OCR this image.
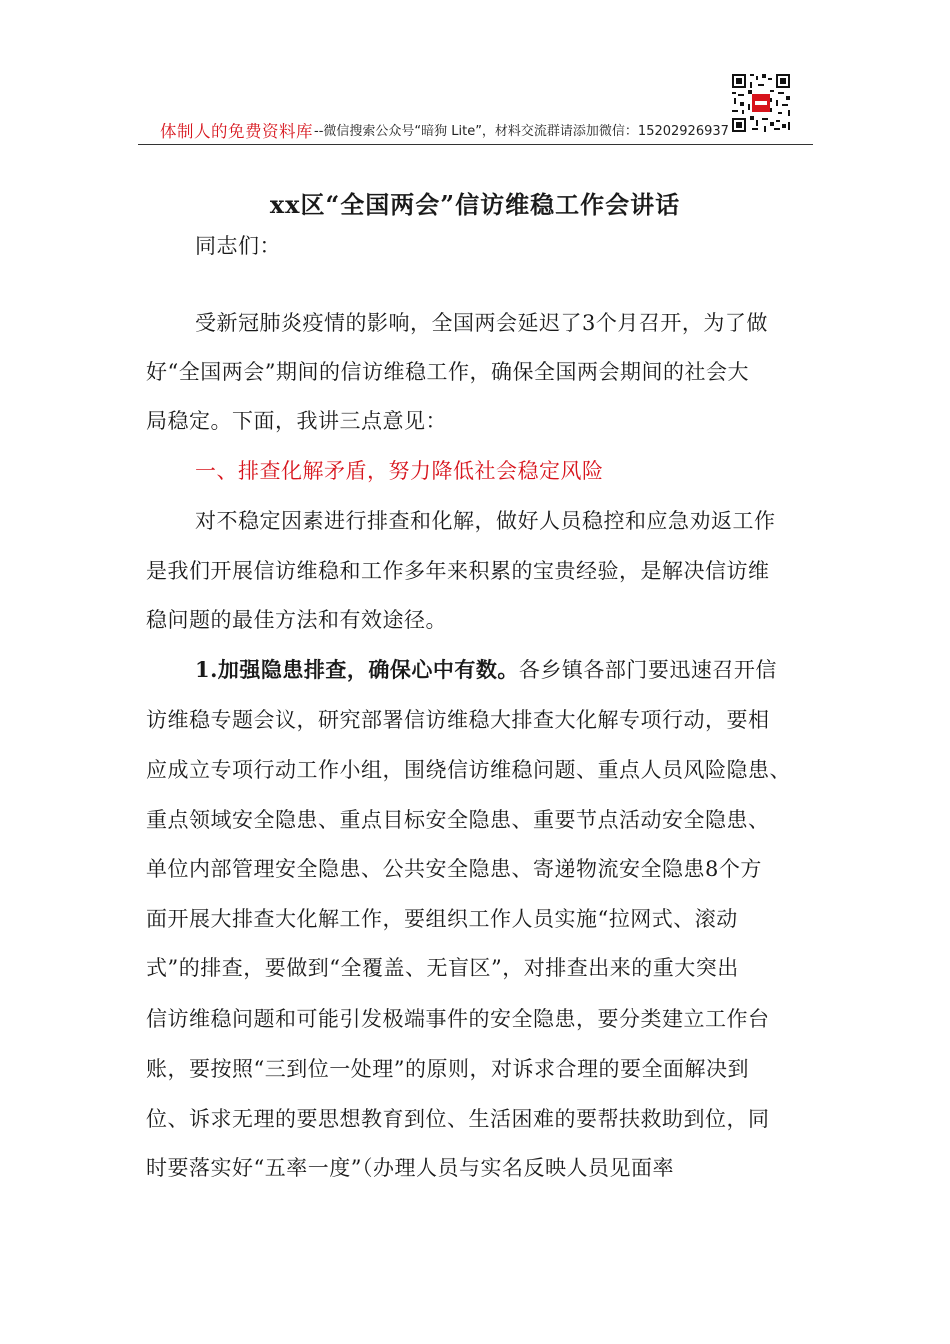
体制人的免费资料库 --微信搜索公众号“暗狗 Lite”，材料交流群请添加微信：15202926937
xx区“全国两会”信访维稳工作会讲话
同志们：
受新冠肺炎疫情的影响，全国两会延迟了3个月召开，为了做
好“全国两会”期间的信访维稳工作，确保全国两会期间的社会大
局稳定。下面，我讲三点意见：
一、排查化解矛盾，努力降低社会稳定风险
对不稳定因素进行排查和化解，做好人员稳控和应急劝返工作
是我们开展信访维稳和工作多年来积累的宝贵经验，是解决信访维
稳问题的最佳方法和有效途径。
1.加强隐患排查，确保心中有数。各乡镇各部门要迅速召开信
访维稳专题会议，研究部署信访维稳大排查大化解专项行动，要相
应成立专项行动工作小组，围绕信访维稳问题、重点人员风险隐患、
重点领域安全隐患、重点目标安全隐患、重要节点活动安全隐患、
单位内部管理安全隐患、公共安全隐患、寄递物流安全隐患8个方
面开展大排查大化解工作，要组织工作人员实施“拉网式、滚动
式”的排查，要做到“全覆盖、无盲区”，对排查出来的重大突出
信访维稳问题和可能引发极端事件的安全隐患，要分类建立工作台
账，要按照“三到位一处理”的原则，对诉求合理的要全面解决到
位、诉求无理的要思想教育到位、生活困难的要帮扶救助到位，同
时要落实好“五率一度”（办理人员与实名反映人员见面率
